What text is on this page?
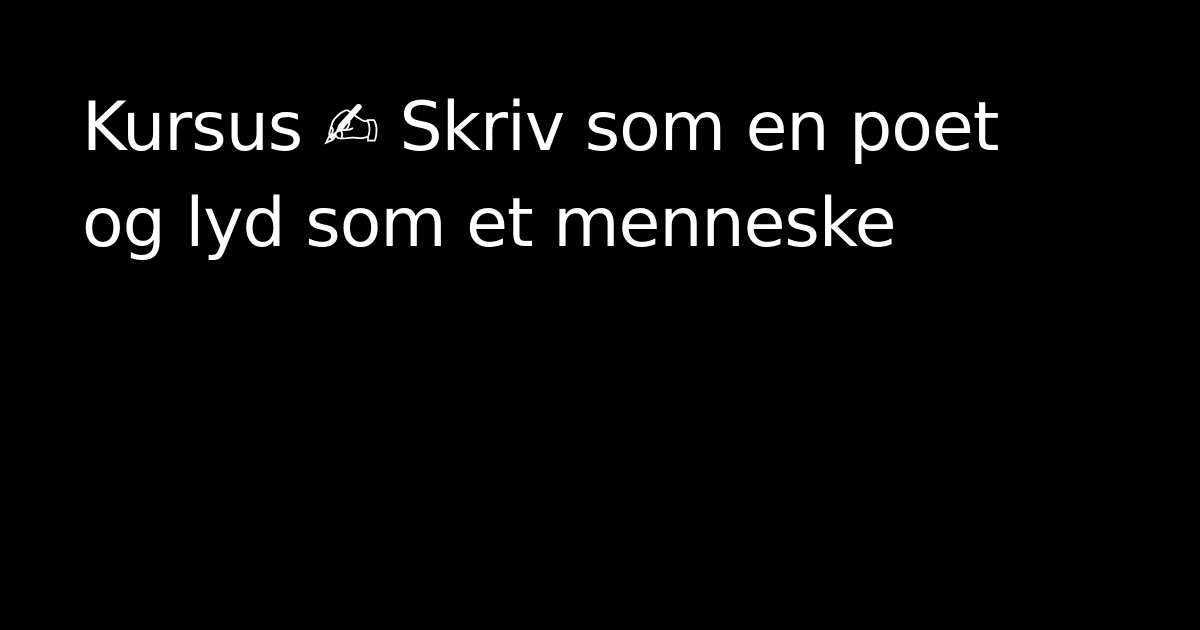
Kursus ✍ Skriv som en poet
og lyd som et menneske
